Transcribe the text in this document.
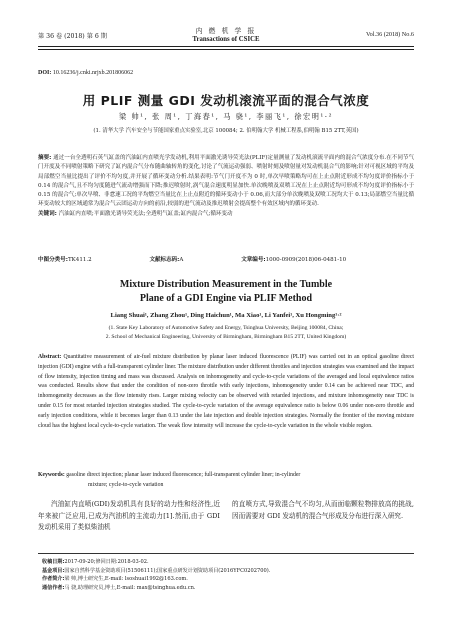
第 36 卷 (2018) 第 6 期
内 燃 机 学 报
Transactions of CSICE
Vol.36 (2018) No.6
DOI: 10.16236/j.cnki.nrjxb.201806062
用 PLIF 测量 GDI 发动机滚流平面的混合气浓度
梁 帅¹, 张 周¹, 丁海春¹, 马 骁¹, 李丽飞¹, 徐宏明¹·²
(1. 清华大学 汽车安全与节能国家重点实验室,北京 100084; 2. 伯明翰大学 机械工程系,伯明翰 B15 2TT,英国)

摘要: 通过一台全透明石英气缸盖的汽油缸内直喷光学发动机,利用平面激光诱导荧光法(PLIF)定量测量了发动机滚流平面内的混合气浓度分布.在不同节气门开度及不同喷射策略下研究了缸内混合气分布随曲轴转角的变化,讨论了气流运动强弱、喷射时刻及喷射量对发动机混合气的影响;针对可视区域的平均及局部燃空当量比提出了评价不均匀度,并开展了循环变动分析.结果表明:节气门开度不为 0 时,单次早喷策略均可在上止点附近形成不均匀度评价指标小于 0.14 的混合气,且不均匀度随进气流动增强而下降;推迟喷射时,涡气混合速度明显加快.单次晚喷及双喷工况在上止点附近均可形成不均匀度评价指标小于 0.15 的混合气;单次早喷、非怠速工况的平均燃空当量比在上止点附近的循环变动小于 0.06,而大部分单次晚喷及双喷工况均大于 0.13;局部燃空当量比循环变动较大的区域通常为混合气云团运动方向的前沿,较弱的进气流动及推迟喷射会提高整个有效区域内的循环变动.

关键词: 汽油缸内直喷;平面激光诱导荧光法;全透明气缸盖;缸内混合气;循环变动

中图分类号:TK411.2	文献标志码:A	文章编号:1000-0909(2018)06-0481-10
Mixture Distribution Measurement in the Tumble
Plane of a GDI Engine via PLIF Method
Liang Shuai¹, Zhang Zhou¹, Ding Haichun¹, Ma Xiao¹, Li Yanfei¹, Xu Hongming¹·²
(1. State Key Laboratory of Automotive Safety and Energy, Tsinghua University, Beijing 100084, China;
2. School of Mechanical Engineering, University of Birmingham, Birmingham B15 2TT, United Kingdom)
Abstract: Quantitative measurement of air-fuel mixture distribution by planar laser induced fluorescence (PLIF) was carried out in an optical gasoline direct injection (GDI) engine with a full-transparent cylinder liner. The mixture distribution under different throttles and injection strategies was examined and the impact of flow intensity, injection timing and mass was discussed. Analysis on inhomogeneity and cycle-to-cycle variations of the averaged and local equivalence ratios was conducted. Results show that under the condition of non-zero throttle with early injections, inhomogeneity under 0.14 can be achieved near TDC, and inhomogeneity decreases as the flow intensity rises. Larger mixing velocity can be observed with retarded injections, and mixture inhomogeneity near TDC is under 0.15 for most retarded injection strategies studied. The cycle-to-cycle variation of the average equivalence ratio is below 0.06 under non-zero throttle and early injection conditions, while it becomes larger than 0.13 under the late injection and double injection strategies. Normally the frontier of the moving mixture cloud has the highest local cycle-to-cycle variation. The weak flow intensity will increase the cycle-to-cycle variation in the whole visible region.
Keywords: gasoline direct injection; planar laser induced fluorescence; full-transparent cylinder liner; in-cylinder
mixture; cycle-to-cycle variation
汽油缸内直喷(GDI)发动机具有良好的动力性和经济性,近年来被广泛应用,已成为汽油机的主流动力[1].然而,由于 GDI 发动机采用了类似柴油机
的直喷方式,导致混合气不均匀,从而面临颗粒物排放高的挑战,因而需要对 GDI 发动机的混合气形成及分布进行深入研究.
收稿日期:2017-09-20;修回日期:2018-03-02.
基金项目:国家自然科学基金资助项目(51506111);国家重点研发计划资助项目(2016YFC0202700).
作者简介:梁 帅,博士研究生,E-mail: lsoshuai1992@163.com.
通信作者:马 骁,助理研究员,博士,E-mail: max@tsinghua.edu.cn.
